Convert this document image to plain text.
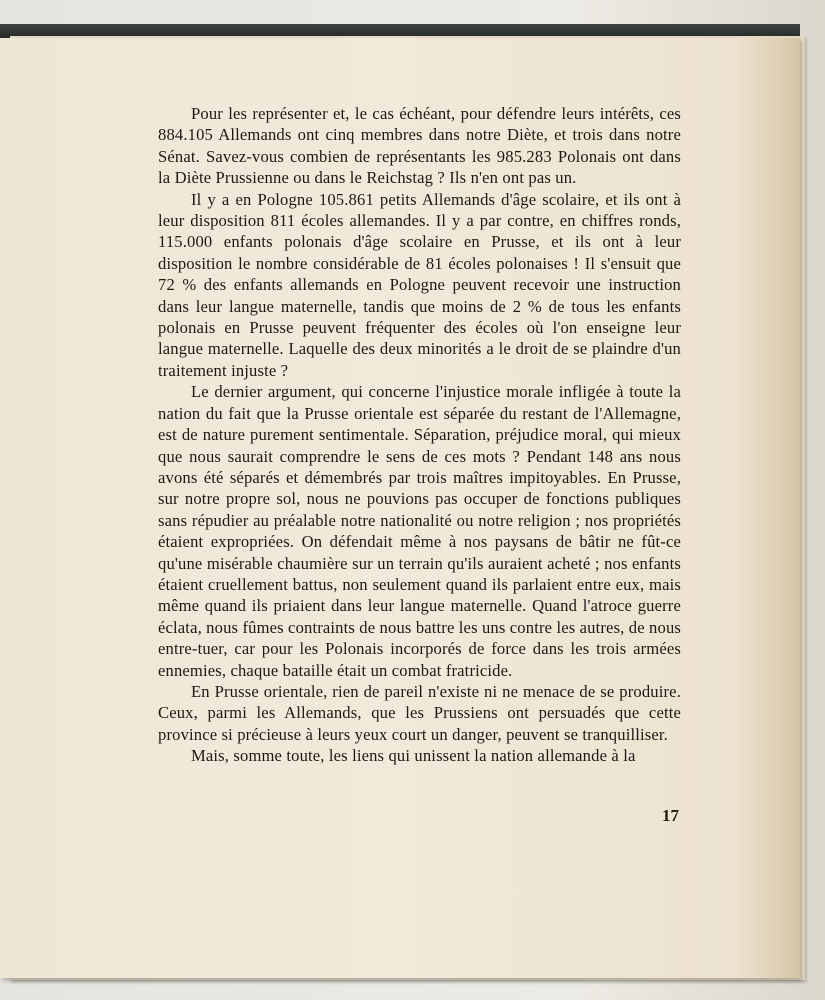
Pour les représenter et, le cas échéant, pour défendre leurs intérêts, ces 884.105 Allemands ont cinq membres dans notre Diète, et trois dans notre Sénat. Savez-vous combien de représentants les 985.283 Polonais ont dans la Diète Prussienne ou dans le Reichstag ? Ils n'en ont pas un.

Il y a en Pologne 105.861 petits Allemands d'âge scolaire, et ils ont à leur disposition 811 écoles allemandes. Il y a par contre, en chiffres ronds, 115.000 enfants polonais d'âge scolaire en Prusse, et ils ont à leur disposition le nombre considérable de 81 écoles polonaises ! Il s'ensuit que 72 % des enfants allemands en Pologne peuvent recevoir une instruction dans leur langue maternelle, tandis que moins de 2 % de tous les enfants polonais en Prusse peuvent fréquenter des écoles où l'on enseigne leur langue maternelle. Laquelle des deux minorités a le droit de se plaindre d'un traitement injuste ?

Le dernier argument, qui concerne l'injustice morale infligée à toute la nation du fait que la Prusse orientale est séparée du restant de l'Allemagne, est de nature purement sentimentale. Séparation, préjudice moral, qui mieux que nous saurait comprendre le sens de ces mots ? Pendant 148 ans nous avons été séparés et démembrés par trois maîtres impitoyables. En Prusse, sur notre propre sol, nous ne pouvions pas occuper de fonctions publiques sans répudier au préalable notre nationalité ou notre religion ; nos propriétés étaient expropriées. On défendait même à nos paysans de bâtir ne fût-ce qu'une misérable chaumière sur un terrain qu'ils auraient acheté ; nos enfants étaient cruellement battus, non seulement quand ils parlaient entre eux, mais même quand ils priaient dans leur langue maternelle. Quand l'atroce guerre éclata, nous fûmes contraints de nous battre les uns contre les autres, de nous entre-tuer, car pour les Polonais incorporés de force dans les trois armées ennemies, chaque bataille était un combat fratricide.

En Prusse orientale, rien de pareil n'existe ni ne menace de se produire. Ceux, parmi les Allemands, que les Prussiens ont persuadés que cette province si précieuse à leurs yeux court un danger, peuvent se tranquilliser.

Mais, somme toute, les liens qui unissent la nation allemande à la

17
